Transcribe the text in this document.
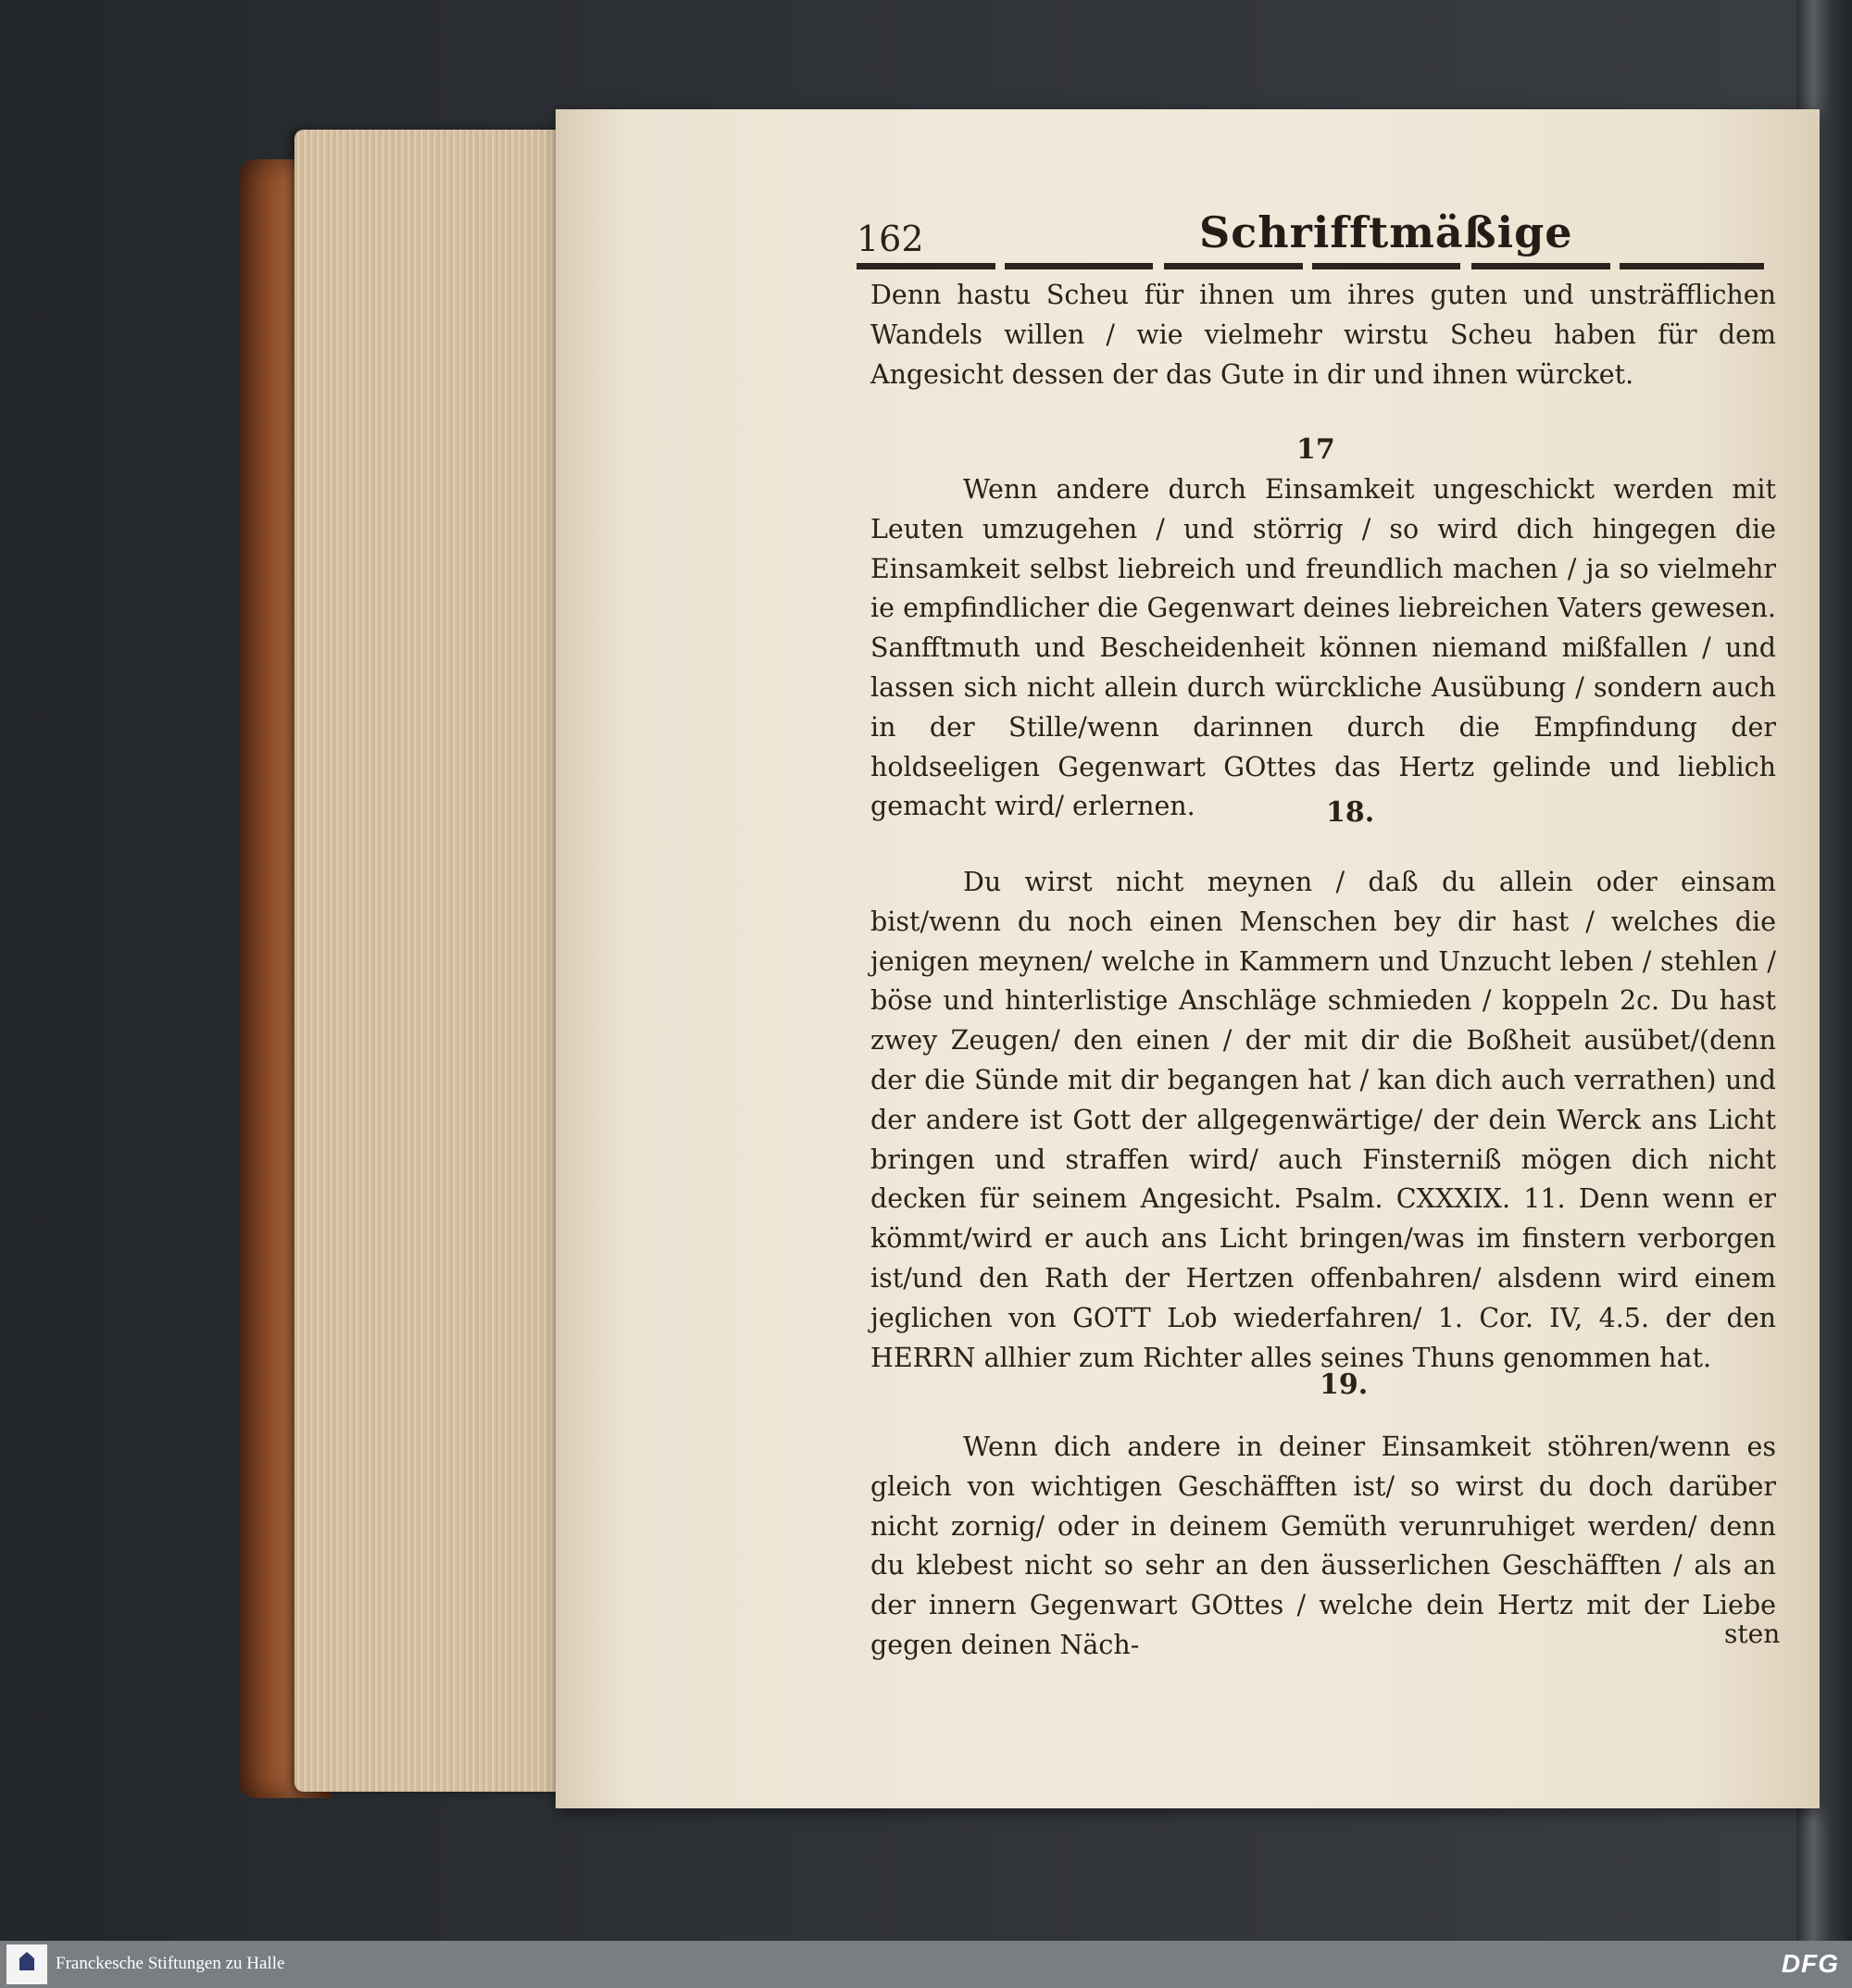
162	Schrifftmäßige

Denn hastu Scheu für ihnen um ihres guten und unsträfflichen Wandels willen / wie vielmehr wirstu Scheu haben für dem Angesicht dessen der das Gute in dir und ihnen würcket.

17

Wenn andere durch Einsamkeit ungeschickt werden mit Leuten umzugehen / und störrig / so wird dich hingegen die Einsamkeit selbst liebreich und freundlich machen / ja so vielmehr ie empfindlicher die Gegenwart deines liebreichen Vaters gewesen. Sanfftmuth und Bescheidenheit können niemand mißfallen / und lassen sich nicht allein durch würckliche Ausübung / sondern auch in der Stille/wenn darinnen durch die Empfindung der holdseeligen Gegenwart GOttes das Hertz gelinde und lieblich gemacht wird/ erlernen.	18.

Du wirst nicht meynen / daß du allein oder einsam bist/wenn du noch einen Menschen bey dir hast / welches die jenigen meynen/ welche in Kammern und Unzucht leben / stehlen / böse und hinterlistige Anschläge schmieden / koppeln 2c. Du hast zwey Zeugen/ den einen / der mit dir die Boßheit ausübet/(denn der die Sünde mit dir begangen hat / kan dich auch verrathen) und der andere ist Gott der allgegenwärtige/ der dein Werck ans Licht bringen und straffen wird/ auch Finsterniß mögen dich nicht decken für seinem Angesicht. Psalm. CXXXIX. 11. Denn wenn er kömmt/wird er auch ans Licht bringen/was im finstern verborgen ist/und den Rath der Hertzen offenbahren/ alsdenn wird einem jeglichen von GOTT Lob wiederfahren/ 1. Cor. IV, 4.5. der den HERRN allhier zum Richter alles seines Thuns genommen hat.

19.

Wenn dich andere in deiner Einsamkeit stöhren/wenn es gleich von wichtigen Geschäfften ist/ so wirst du doch darüber nicht zornig/ oder in deinem Gemüth verunruhiget werden/ denn du klebest nicht so sehr an den äusserlichen Geschäfften / als an der innern Gegenwart GOttes / welche dein Hertz mit der Liebe gegen deinen Näch-	sten
Franckesche Stiftungen zu Halle	DFG
